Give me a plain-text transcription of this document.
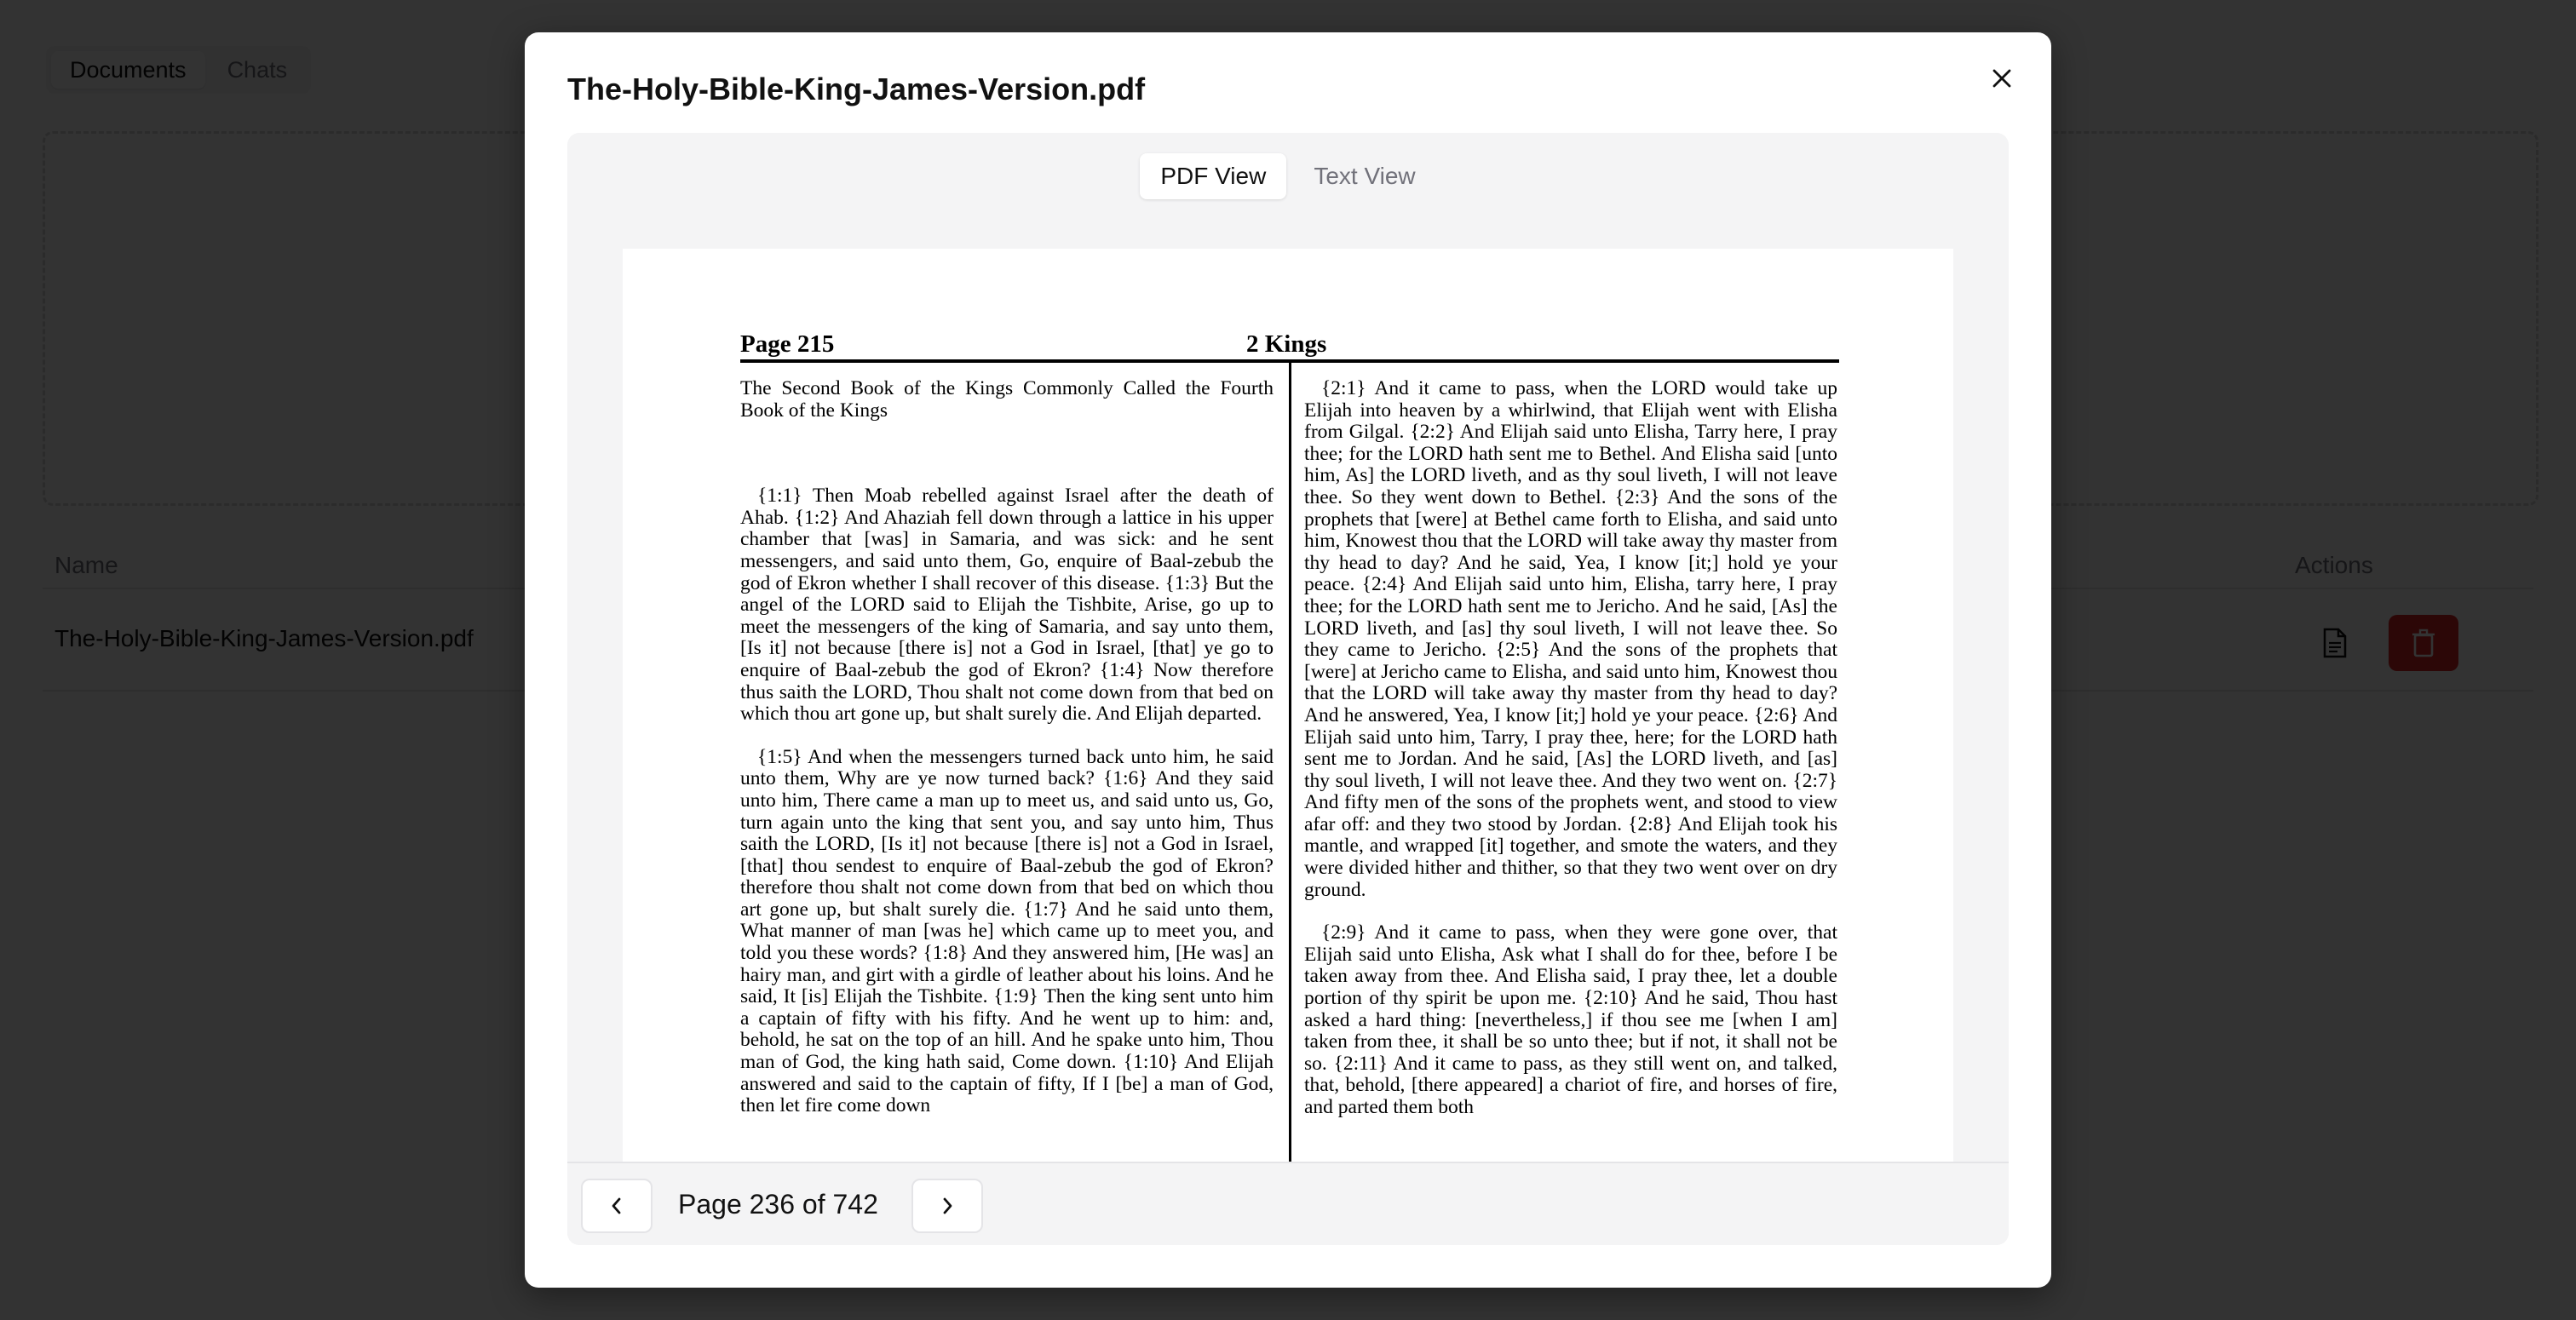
The-Holy-Bible-King-James-Version.pdf
PDF View	Text View
Page 215	2 Kings

The Second Book of the Kings Commonly Called the Fourth Book of the Kings

{1:1} Then Moab rebelled against Israel after the death of Ahab. {1:2} And Ahaziah fell down through a lattice in his upper chamber that [was] in Samaria, and was sick: and he sent messengers, and said unto them, Go, enquire of Baal-zebub the god of Ekron whether I shall recover of this disease. {1:3} But the angel of the LORD said to Elijah the Tishbite, Arise, go up to meet the messengers of the king of Samaria, and say unto them, [Is it] not because [there is] not a God in Israel, [that] ye go to enquire of Baal-zebub the god of Ekron? {1:4} Now therefore thus saith the LORD, Thou shalt not come down from that bed on which thou art gone up, but shalt surely die. And Elijah departed.

{1:5} And when the messengers turned back unto him, he said unto them, Why are ye now turned back? {1:6} And they said unto him, There came a man up to meet us, and said unto us, Go, turn again unto the king that sent you, and say unto him, Thus saith the LORD, [Is it] not because [there is] not a God in Israel, [that] thou sendest to enquire of Baal-zebub the god of Ekron? therefore thou shalt not come down from that bed on which thou art gone up, but shalt surely die. {1:7} And he said unto them, What manner of man [was he] which came up to meet you, and told you these words? {1:8} And they answered him, [He was] an hairy man, and girt with a girdle of leather about his loins. And he said, It [is] Elijah the Tishbite. {1:9} Then the king sent unto him a captain of fifty with his fifty. And he went up to him: and, behold, he sat on the top of an hill. And he spake unto him, Thou man of God, the king hath said, Come down. {1:10} And Elijah answered and said to the captain of fifty, If I [be] a man of God, then let fire come down

{2:1} And it came to pass, when the LORD would take up Elijah into heaven by a whirlwind, that Elijah went with Elisha from Gilgal. {2:2} And Elijah said unto Elisha, Tarry here, I pray thee; for the LORD hath sent me to Bethel. And Elisha said [unto him, As] the LORD liveth, and as thy soul liveth, I will not leave thee. So they went down to Bethel. {2:3} And the sons of the prophets that [were] at Bethel came forth to Elisha, and said unto him, Knowest thou that the LORD will take away thy master from thy head to day? And he said, Yea, I know [it;] hold ye your peace. {2:4} And Elijah said unto him, Elisha, tarry here, I pray thee; for the LORD hath sent me to Jericho. And he said, [As] the LORD liveth, and [as] thy soul liveth, I will not leave thee. So they came to Jericho. {2:5} And the sons of the prophets that [were] at Jericho came to Elisha, and said unto him, Knowest thou that the LORD will take away thy master from thy head to day? And he answered, Yea, I know [it;] hold ye your peace. {2:6} And Elijah said unto him, Tarry, I pray thee, here; for the LORD hath sent me to Jordan. And he said, [As] the LORD liveth, and [as] thy soul liveth, I will not leave thee. And they two went on. {2:7} And fifty men of the sons of the prophets went, and stood to view afar off: and they two stood by Jordan. {2:8} And Elijah took his mantle, and wrapped [it] together, and smote the waters, and they were divided hither and thither, so that they two went over on dry ground.

{2:9} And it came to pass, when they were gone over, that Elijah said unto Elisha, Ask what I shall do for thee, before I be taken away from thee. And Elisha said, I pray thee, let a double portion of thy spirit be upon me. {2:10} And he said, Thou hast asked a hard thing: [nevertheless,] if thou see me [when I am] taken from thee, it shall be so unto thee; but if not, it shall not be so. {2:11} And it came to pass, as they still went on, and talked, that, behold, [there appeared] a chariot of fire, and horses of fire, and parted them both

Page 236 of 742
